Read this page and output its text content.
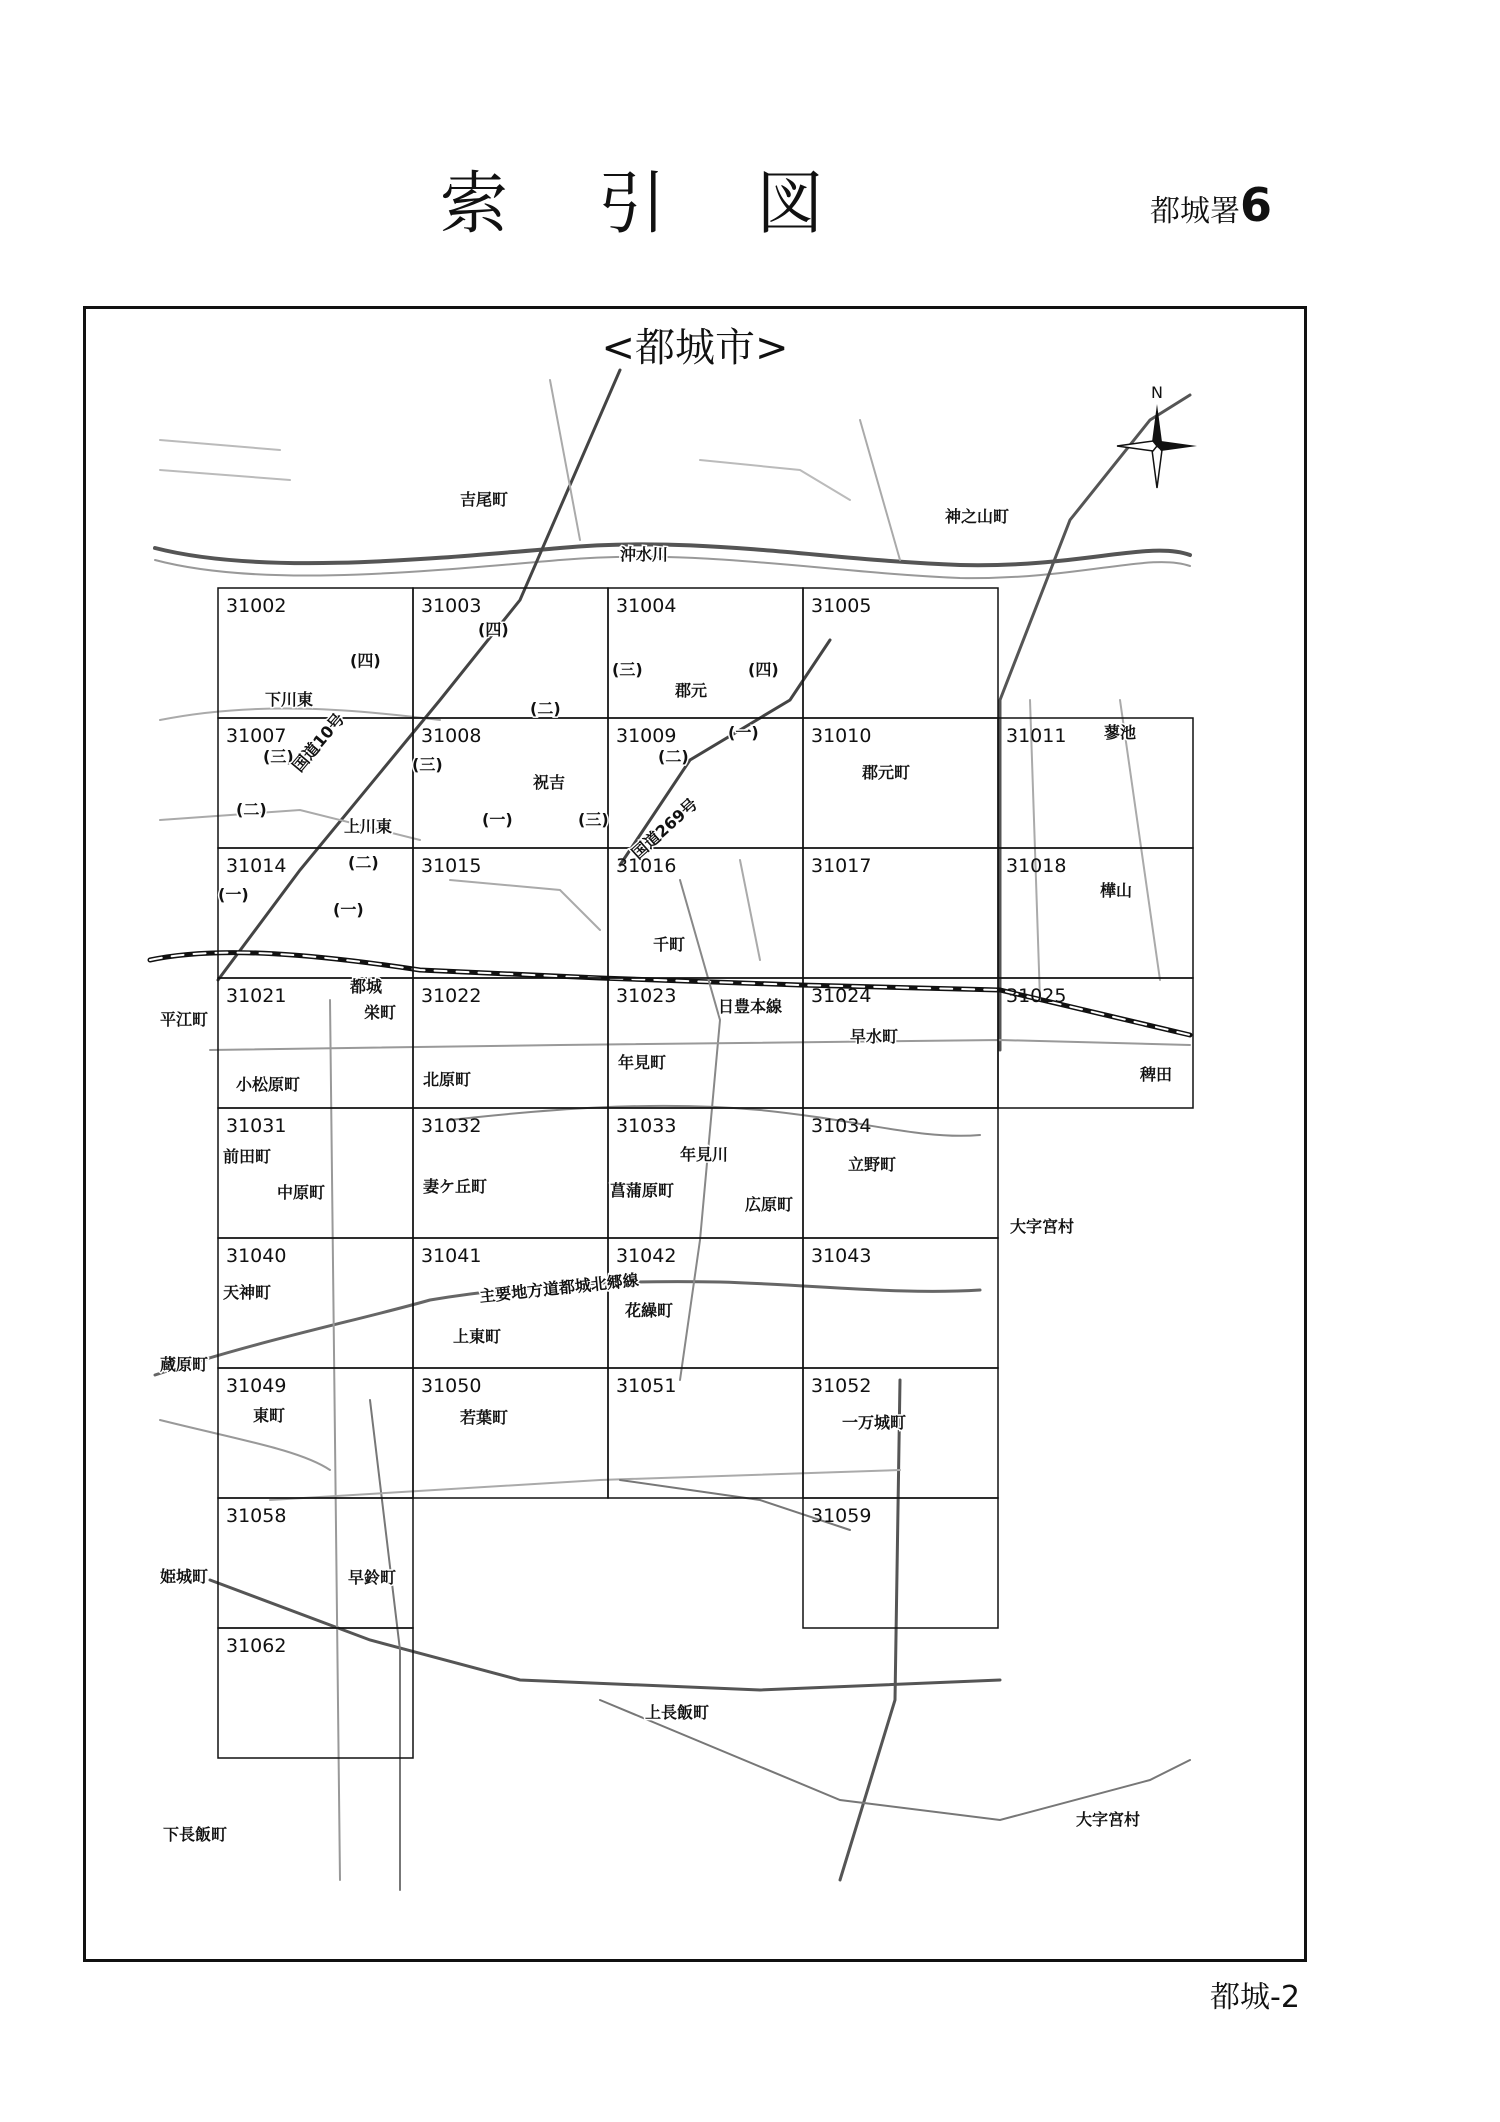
索引図	都城署6
<都城市>
31002	31003	31004	31005
31007	31008	31009	31010	31011
31014	31015	31016	31017	31018
31021	31022	31023	31024	31025
31031	31032	31033	31034
31040	31041	31042	31043
31049	31050	31051	31052
31058	31059
31062
吉尾町
神之山町
沖水川
(四)
(四)	(三)
郡元
(四)
下川東	(二)
(一)
(三)	(二)
蓼池
(三)
祝吉
郡元町
(二)
上川東	(一)	(三)
(二)
(一)
(一)
樺山
千町
都城
栄町
平江町
日豊本線
早水町
年見町
小松原町	北原町	稗田
前田町	年見川
立野町
中原町	妻ケ丘町	菖蒲原町
広原町
大字宮村
天神町	主要地方道都城北郷線
花繰町
上東町
蔵原町
東町	若葉町	一万城町
姫城町	早鈴町
上長飯町
下長飯町
大字宮村
国道10号
国道269号
N
都城-2
